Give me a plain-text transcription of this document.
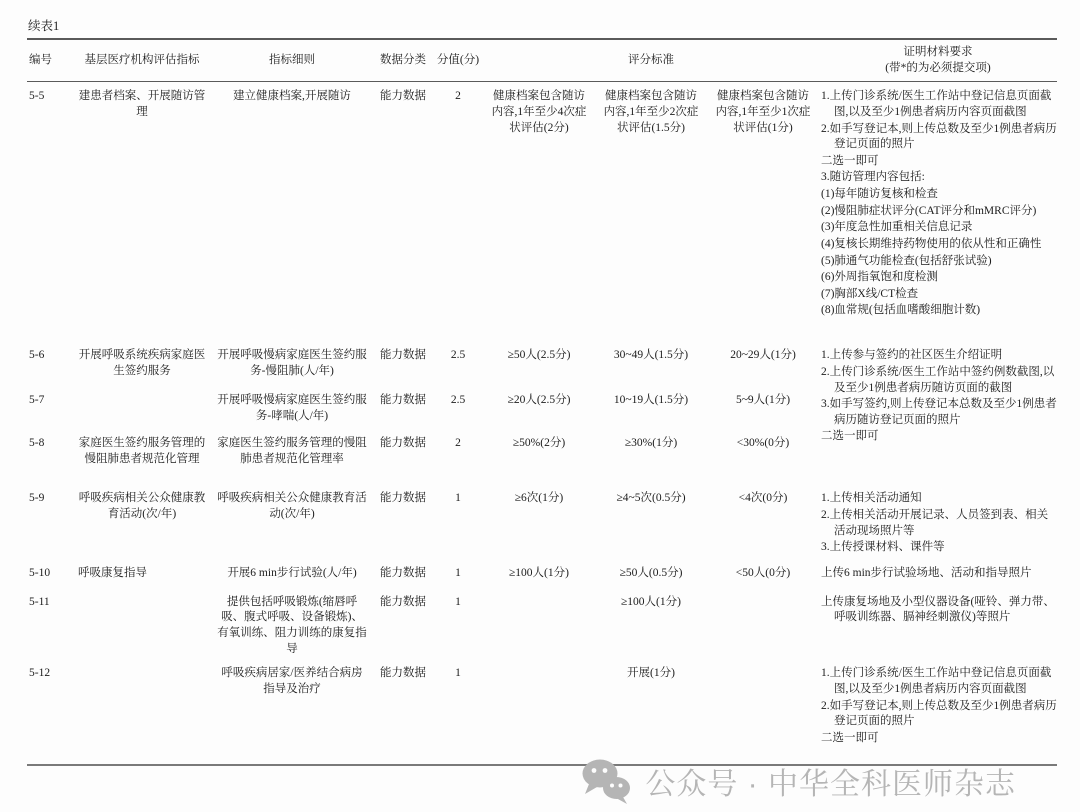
续表1
编号	基层医疗机构评估指标	指标细则	数据分类	分值(分)	评分标准			证明材料要求
(带*的为必须提交项)

5-5	建患者档案、开展随访管理	建立健康档案,开展随访	能力数据	2	健康档案包含随访内容,1年至少4次症状评估(2分)	健康档案包含随访内容,1年至少2次症状评估(1.5分)	健康档案包含随访内容,1年至少1次症状评估(1分)	
1.上传门诊系统/医生工作站中登记信息页面截图,以及至少1例患者病历内容页面截图
2.如手写登记本,则上传总数及至少1例患者病历登记页面的照片
二选一即可
3.随访管理内容包括:
(1)每年随访复核和检查
(2)慢阻肺症状评分(CAT评分和mMRC评分)
(3)年度急性加重相关信息记录
(4)复核长期维持药物使用的依从性和正确性
(5)肺通气功能检查(包括舒张试验)
(6)外周指氧饱和度检测
(7)胸部X线/CT检查
(8)血常规(包括血嗜酸细胞计数)

5-6	开展呼吸系统疾病家庭医生签约服务	开展呼吸慢病家庭医生签约服务-慢阻肺(人/年)	能力数据	2.5	≥50人(2.5分)	30~49人(1.5分)	20~29人(1分)	1.上传参与签约的社区医生介绍证明
2.上传门诊系统/医生工作站中签约例数截图,以及至少1例患者病历随访页面的截图
3.如手写签约,则上传登记本总数及至少1例患者病历随访登记页面的照片
二选一即可

5-7		开展呼吸慢病家庭医生签约服务-哮喘(人/年)	能力数据	2.5	≥20人(2.5分)	10~19人(1.5分)	5~9人(1分)	
5-8	家庭医生签约服务管理的慢阻肺患者规范化管理	家庭医生签约服务管理的慢阻肺患者规范化管理率	能力数据	2	≥50%(2分)	≥30%(1分)	<30%(0分)	
5-9	呼吸疾病相关公众健康教育活动(次/年)	呼吸疾病相关公众健康教育活动(次/年)	能力数据	1	≥6次(1分)	≥4~5次(0.5分)	<4次(0分)	1.上传相关活动通知
2.上传相关活动开展记录、人员签到表、相关活动现场照片等
3.上传授课材料、课件等

5-10	呼吸康复指导	开展6 min步行试验(人/年)	能力数据	1	≥100人(1分)	≥50人(0.5分)	<50人(0分)	上传6 min步行试验场地、活动和指导照片

5-11		提供包括呼吸锻炼(缩唇呼吸、腹式呼吸、设备锻炼)、有氧训练、阻力训练的康复指导	能力数据	1		≥100人(1分)		上传康复场地及小型仪器设备(哑铃、弹力带、呼吸训练器、膈神经刺激仪)等照片

5-12		呼吸疾病居家/医养结合病房指导及治疗	能力数据	1		开展(1分)		1.上传门诊系统/医生工作站中登记信息页面截图,以及至少1例患者病历内容页面截图
2.如手写登记本,则上传总数及至少1例患者病历登记页面的照片
二选一即可
公众号 · 中华全科医师杂志
